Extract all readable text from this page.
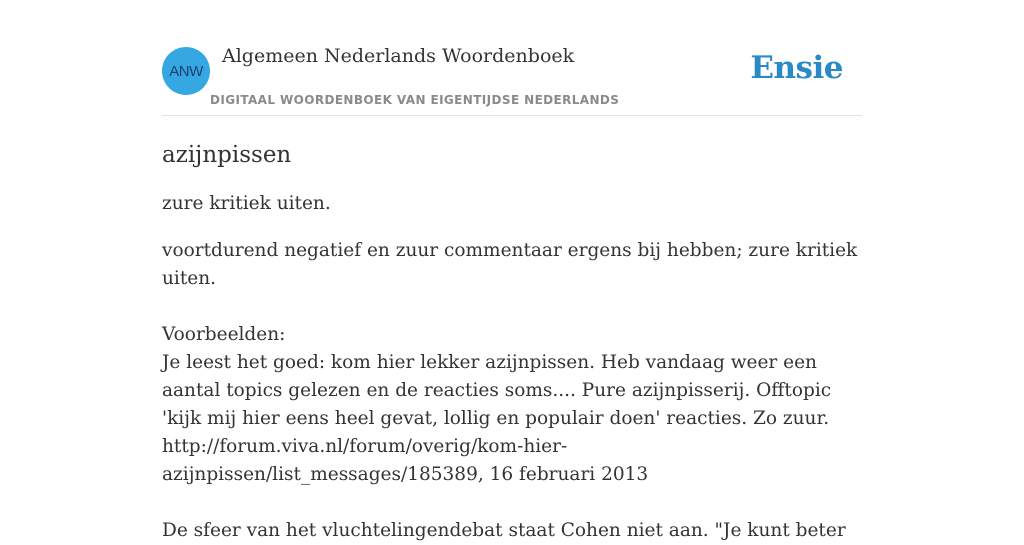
ANW
Algemeen Nederlands Woordenboek
DIGITAAL WOORDENBOEK VAN EIGENTIJDSE NEDERLANDS
Ensie
azijnpissen

zure kritiek uiten.

voortdurend negatief en zuur commentaar ergens bij hebben; zure kritiek uiten.

Voorbeelden:

Je leest het goed: kom hier lekker azijnpissen. Heb vandaag weer een aantal topics gelezen en de reacties soms.... Pure azijnpisserij. Offtopic 'kijk mij hier eens heel gevat, lollig en populair doen' reacties. Zo zuur. http://forum.viva.nl/forum/overig/kom-hier-azijnpissen/list_messages/185389, 16 februari 2013

De sfeer van het vluchtelingendebat staat Cohen niet aan. "Je kunt beter
